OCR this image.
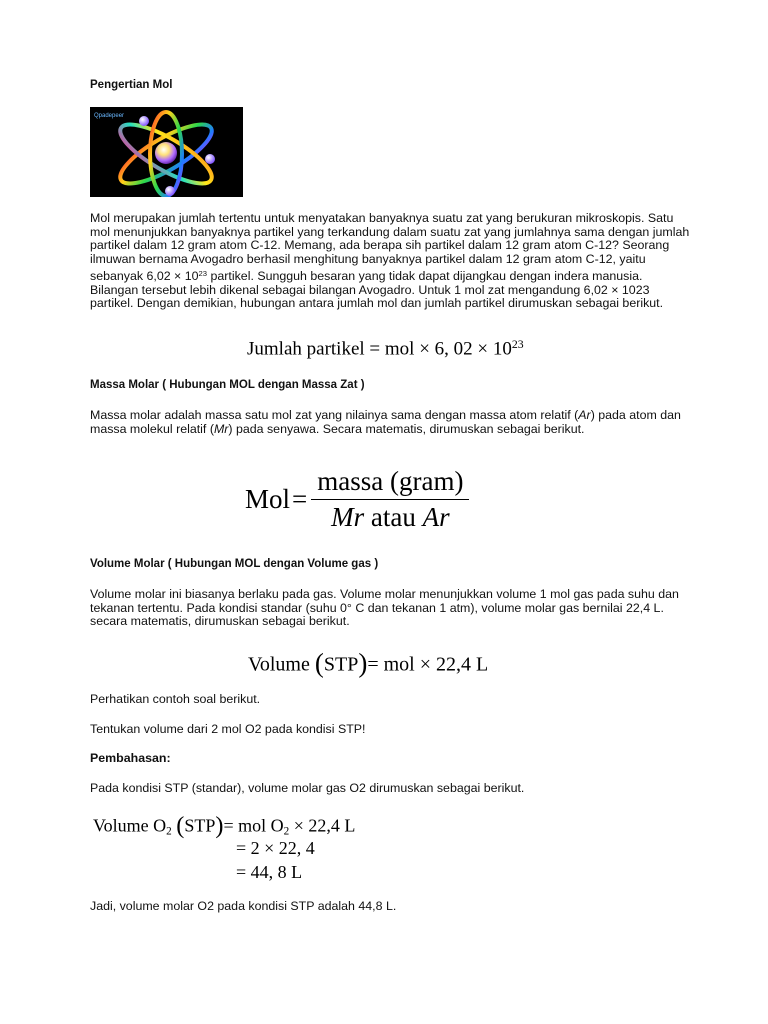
Pengertian Mol
Qpadepeer
Mol merupakan jumlah tertentu untuk menyatakan banyaknya suatu zat yang berukuran mikroskopis. Satu mol menunjukkan banyaknya partikel yang terkandung dalam suatu zat yang jumlahnya sama dengan jumlah partikel dalam 12 gram atom C-12. Memang, ada berapa sih partikel dalam 12 gram atom C-12? Seorang ilmuwan bernama Avogadro berhasil menghitung banyaknya partikel dalam 12 gram atom C-12, yaitu sebanyak $6,02 \times 10^{23}$ partikel. Sungguh besaran yang tidak dapat dijangkau dengan indera manusia. Bilangan tersebut lebih dikenal sebagai bilangan Avogadro. Untuk 1 mol zat mengandung 6,02 × 1023 partikel. Dengan demikian, hubungan antara jumlah mol dan jumlah partikel dirumuskan sebagai berikut.
Jumlah partikel = mol × 6, $02 \times 10^{23}$
Massa Molar ( Hubungan MOL dengan Massa Zat )
Massa molar adalah massa satu mol zat yang nilainya sama dengan massa atom relatif (Ar) pada atom dan massa molekul relatif (Mr) pada senyawa. Secara matematis, dirumuskan sebagai berikut.
$Mol= \frac{\text{massa (gram)}}{\text{Mr atau Ar}}$
Volume Molar ( Hubungan MOL dengan Volume gas )
Volume molar ini biasanya berlaku pada gas. Volume molar menunjukkan volume 1 mol gas pada suhu dan tekanan tertentu. Pada kondisi standar (suhu 0° C dan tekanan 1 atm), volume molar gas bernilai 22,4 L. secara matematis, dirumuskan sebagai berikut.
Volume (STP)= mol × 22,4 L
Perhatikan contoh soal berikut.
Tentukan volume dari 2 mol O2 pada kondisi STP!
Pembahasan:
Pada kondisi STP (standar), volume molar gas O2 dirumuskan sebagai berikut.
Volume $O_2$ (STP)= mol $O_2 \times 22,4$ L
= 2 × 22, 4
= 44, 8 L
Jadi, volume molar O2 pada kondisi STP adalah 44,8 L.
